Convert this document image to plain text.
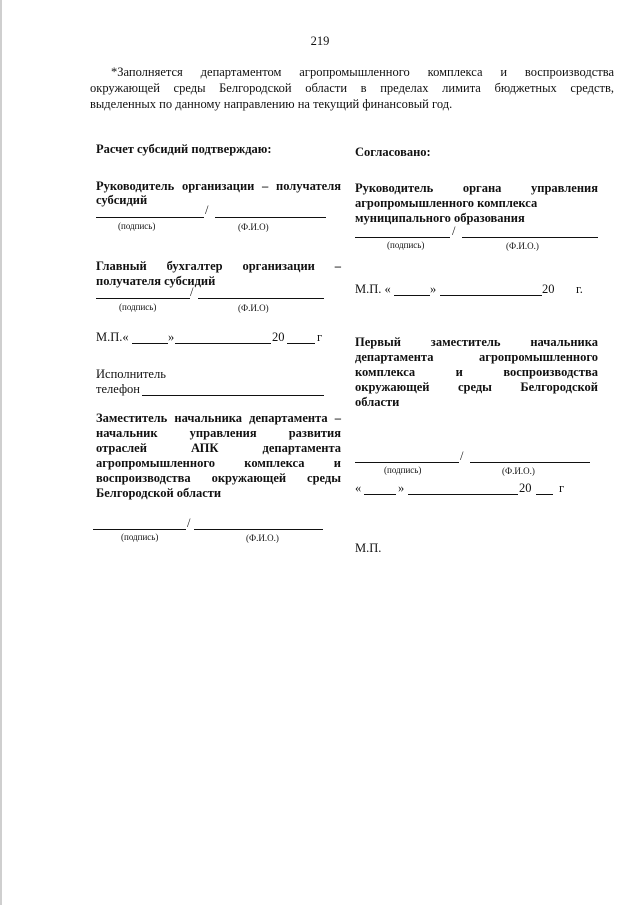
219
*Заполняется департаментом агропромышленного комплекса и воспроизводства
окружающей среды Белгородской области в пределах лимита бюджетных средств,
выделенных по данному направлению на текущий финансовый год.
Расчет субсидий подтверждаю:
Руководитель организации – получателя
субсидий
/
(подпись)	(Ф.И.О)
Главный бухгалтер организации –
получателя субсидий
/
(подпись)	(Ф.И.О)
М.П.«	»	20	г
Исполнитель
телефон
Заместитель начальника департамента –
начальник управления развития
отраслей АПК департамента
агропромышленного комплекса и
воспроизводства окружающей среды
Белгородской области
/
(подпись)	(Ф.И.О.)
Согласовано:
Руководитель органа управления
агропромышленного комплекса
муниципального образования
/
(подпись)	(Ф.И.О.)
М.П. «	»	20 г.
Первый заместитель начальника
департамента агропромышленного
комплекса и воспроизводства
окружающей среды Белгородской
области
/
(подпись)	(Ф.И.О.)
«	»	20 г
М.П.
